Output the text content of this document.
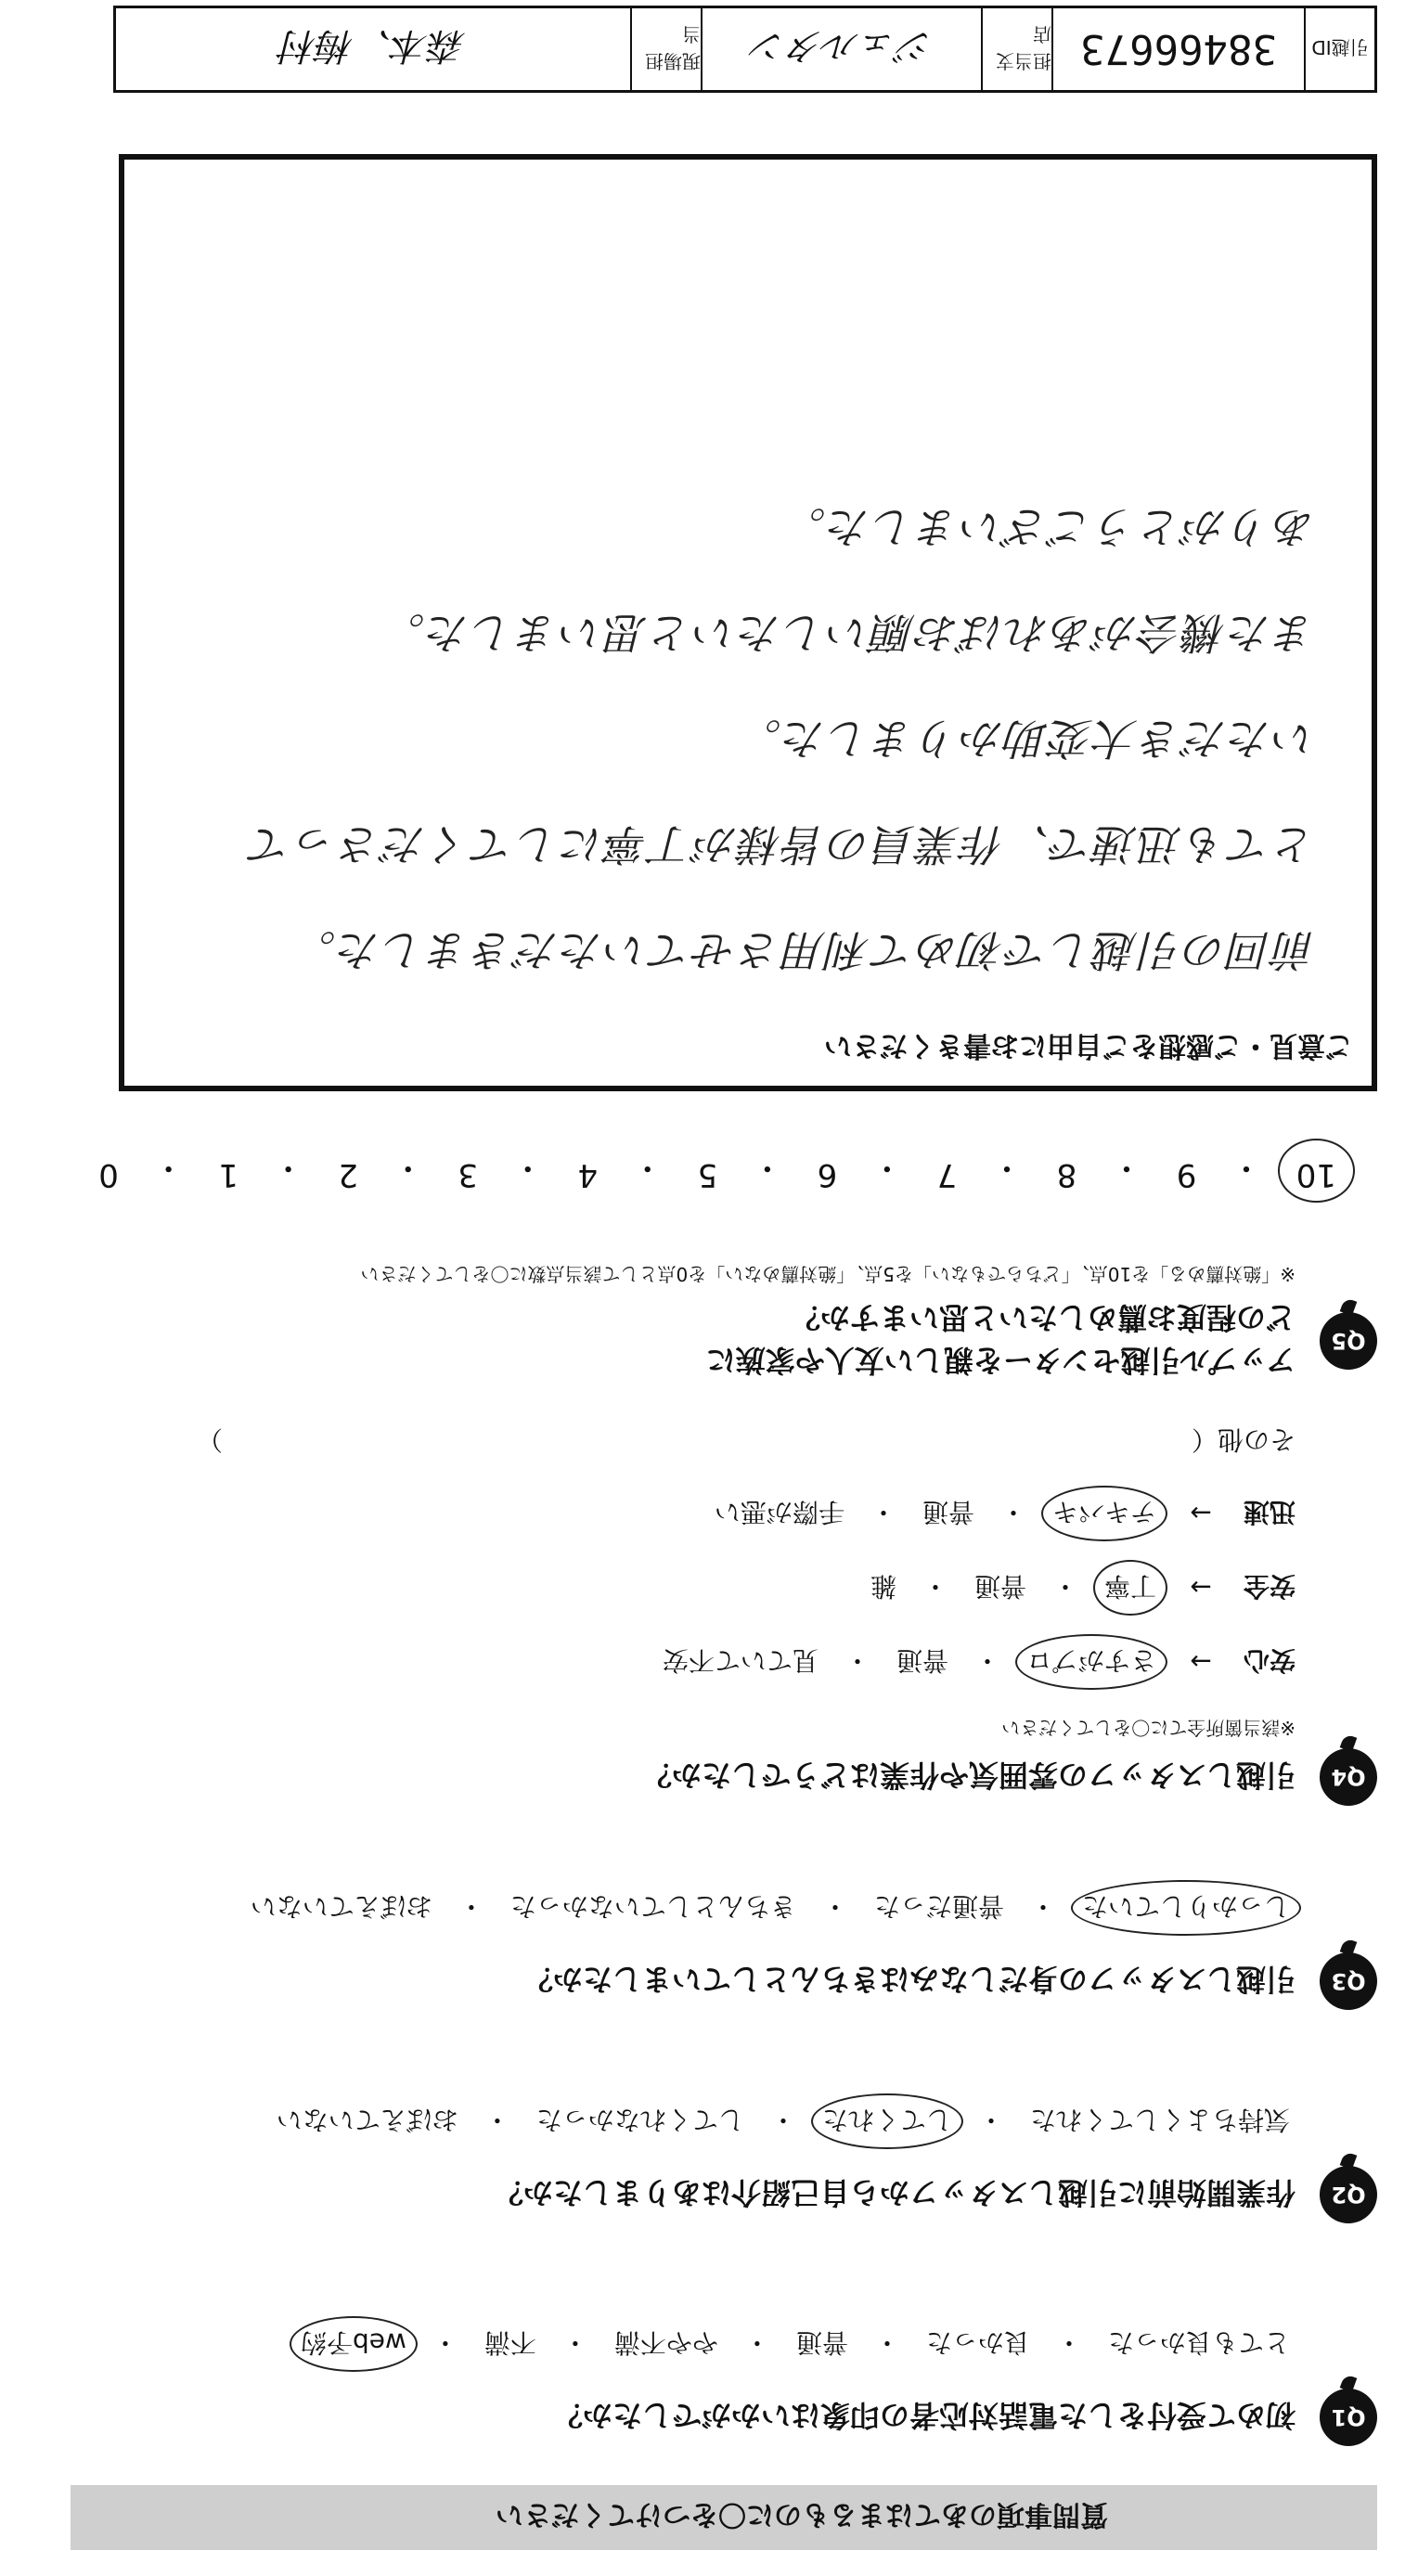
引越ID
38466673
担当支店
ジェルタン
現場担当
森本、梅村
質問事項のあてはまるものに〇をつけてください
Q1
初めて受付をした電話対応者の印象はいかがでしたか？
とても良かった
・
良かった
・
普通
・
やや不満
・
不満
・
web予約
Q2
作業開始前に引越しスタッフから自己紹介はありましたか？
気持ちよくしてくれた
・
してくれた
・
してくれなかった
・
おぼえていない
Q3
引越しスタッフの身だしなみはきちんとしていましたか？
しっかりしていた
・
普通だった
・
きちんとしていなかった
・
おぼえていない
Q4
引越しスタッフの雰囲気や作業はどうでしたか？
※該当箇所全てに〇をしてください
安心
→
さすがプロ
・
普通
・
見ていて不安
安全
→
丁寧
・
普通
・
雑
迅速
→
テキパキ
・
普通
・
手際が悪い
その他（
）
Q5
アップル引越センターを親しい友人や家族に
どの程度お薦めしたいと思いますか？
※「絶対薦める」を10点、「どちらでもない」を5点、「絶対薦めない」を0点として該当点数に〇をしてください
10
・
9
・
8
・
7
・
6
・
5
・
4
・
3
・
2
・
1
・
0
ご意見・ご感想をご自由にお書きください
前回の引越しで初めて利用させていただきました。
とても迅速で、作業員の皆様が丁寧にしてくださって
いただき大変助かりました。
また機会があればお願いしたいと思いました。
ありがとうございました。
